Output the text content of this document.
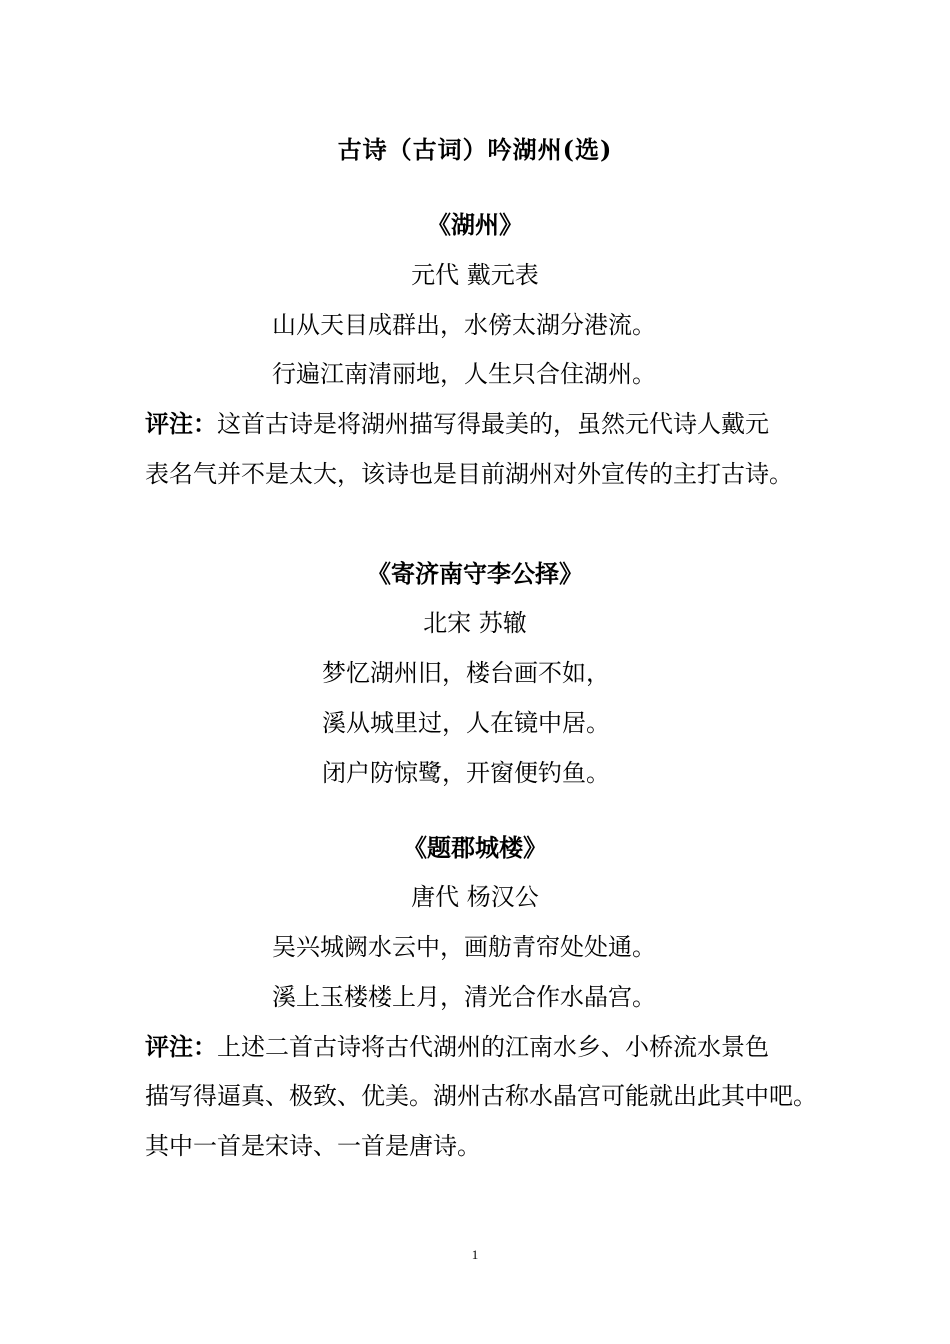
古诗（古词）吟湖州(选)
《湖州》
元代 戴元表
山从天目成群出，水傍太湖分港流。
行遍江南清丽地，人生只合住湖州。
评注：这首古诗是将湖州描写得最美的，虽然元代诗人戴元
表名气并不是太大，该诗也是目前湖州对外宣传的主打古诗。
《寄济南守李公择》
北宋 苏辙
梦忆湖州旧，楼台画不如，
溪从城里过，人在镜中居。
闭户防惊鹭，开窗便钓鱼。
《题郡城楼》
唐代 杨汉公
吴兴城阙水云中，画舫青帘处处通。
溪上玉楼楼上月，清光合作水晶宫。
评注：上述二首古诗将古代湖州的江南水乡、小桥流水景色
描写得逼真、极致、优美。湖州古称水晶宫可能就出此其中吧。
其中一首是宋诗、一首是唐诗。
1
